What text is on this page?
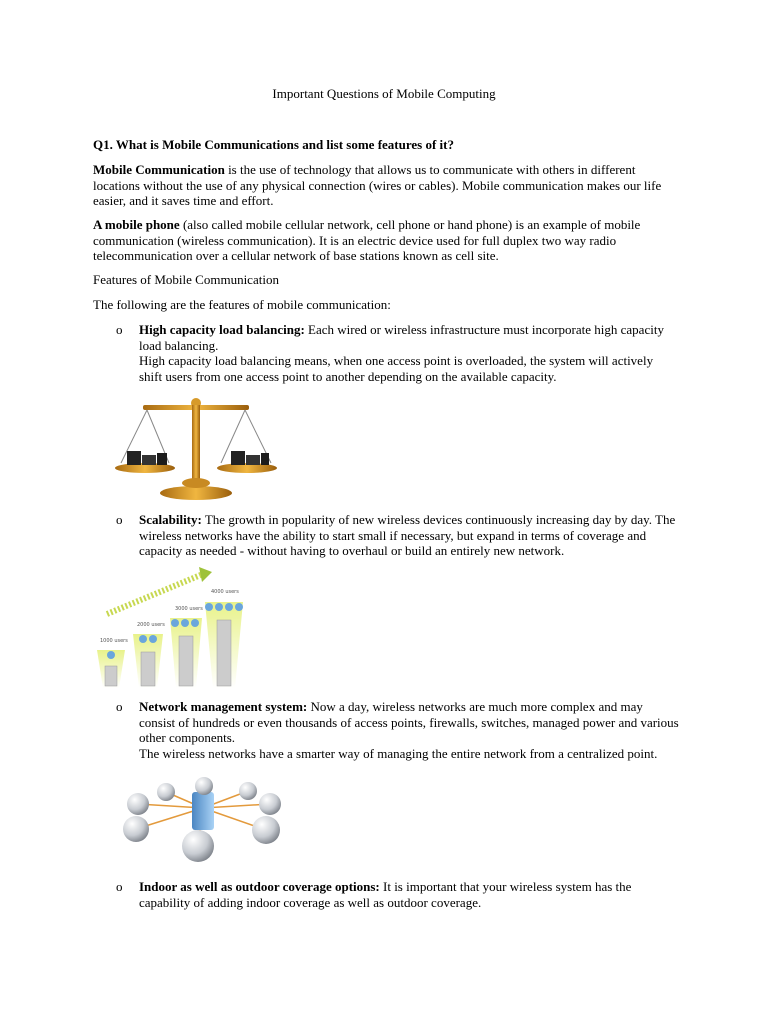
Important Questions of Mobile Computing
Q1. What is Mobile Communications and list some features of it?
Mobile Communication is the use of technology that allows us to communicate with others in different locations without the use of any physical connection (wires or cables). Mobile communication makes our life easier, and it saves time and effort.
A mobile phone (also called mobile cellular network, cell phone or hand phone) is an example of mobile communication (wireless communication). It is an electric device used for full duplex two way radio telecommunication over a cellular network of base stations known as cell site.
Features of Mobile Communication
The following are the features of mobile communication:
o High capacity load balancing: Each wired or wireless infrastructure must incorporate high capacity load balancing.
High capacity load balancing means, when one access point is overloaded, the system will actively shift users from one access point to another depending on the available capacity.
o Scalability: The growth in popularity of new wireless devices continuously increasing day by day. The wireless networks have the ability to start small if necessary, but expand in terms of coverage and capacity as needed - without having to overhaul or build an entirely new network.
1000 users
2000 users
3000 users
4000 users
o Network management system: Now a day, wireless networks are much more complex and may consist of hundreds or even thousands of access points, firewalls, switches, managed power and various other components.
The wireless networks have a smarter way of managing the entire network from a centralized point.
o Indoor as well as outdoor coverage options: It is important that your wireless system has the capability of adding indoor coverage as well as outdoor coverage.
